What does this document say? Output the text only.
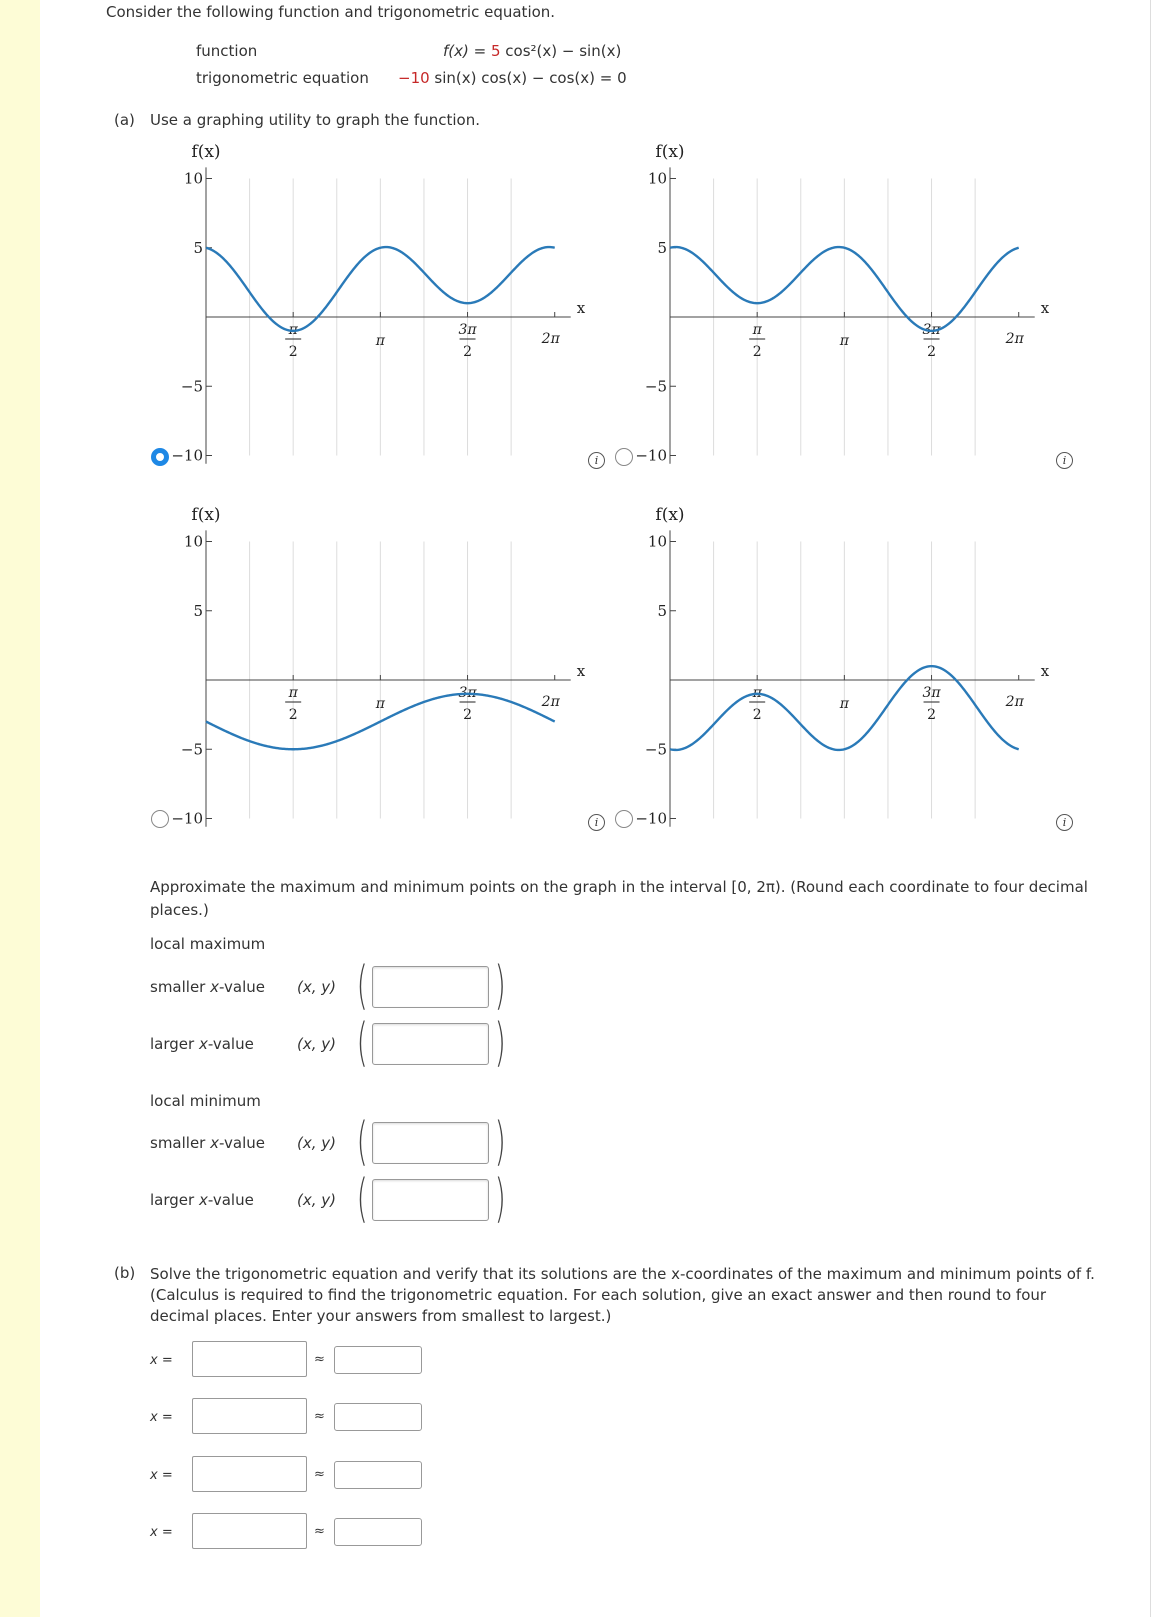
Consider the following function and trigonometric equation.
function	f(x) = 5 cos²(x) − sin(x)
trigonometric equation −10 sin(x) cos(x) − cos(x) = 0
(a) Use a graphing utility to graph the function.
10
5
−5
−10
π
2
π
3π
2
2π
f(x)
x
10
5
−5
−10
π
2
π
3π
2
2π
f(x)
x
10
5
−5
−10
π
2
π
3π
2
2π
f(x)
x
10
5
−5
−10
π
2
π
3π
2
2π
f(x)
x
Approximate the maximum and minimum points on the graph in the interval [0, 2π). (Round each coordinate to four decimal places.)
local maximum
local minimum
smaller x-value (x, y) ( )
larger x-value	(x, y) ( )
smaller x-value (x, y) ( )
larger x-value	(x, y) ( )
(b) Solve the trigonometric equation and verify that its solutions are the x-coordinates of the maximum and minimum points of f. (Calculus is required to find the trigonometric equation. For each solution, give an exact answer and then round to four decimal places. Enter your answers from smallest to largest.)
x =	≈
x =	≈
x =	≈
x =	≈
i	i
i	i
